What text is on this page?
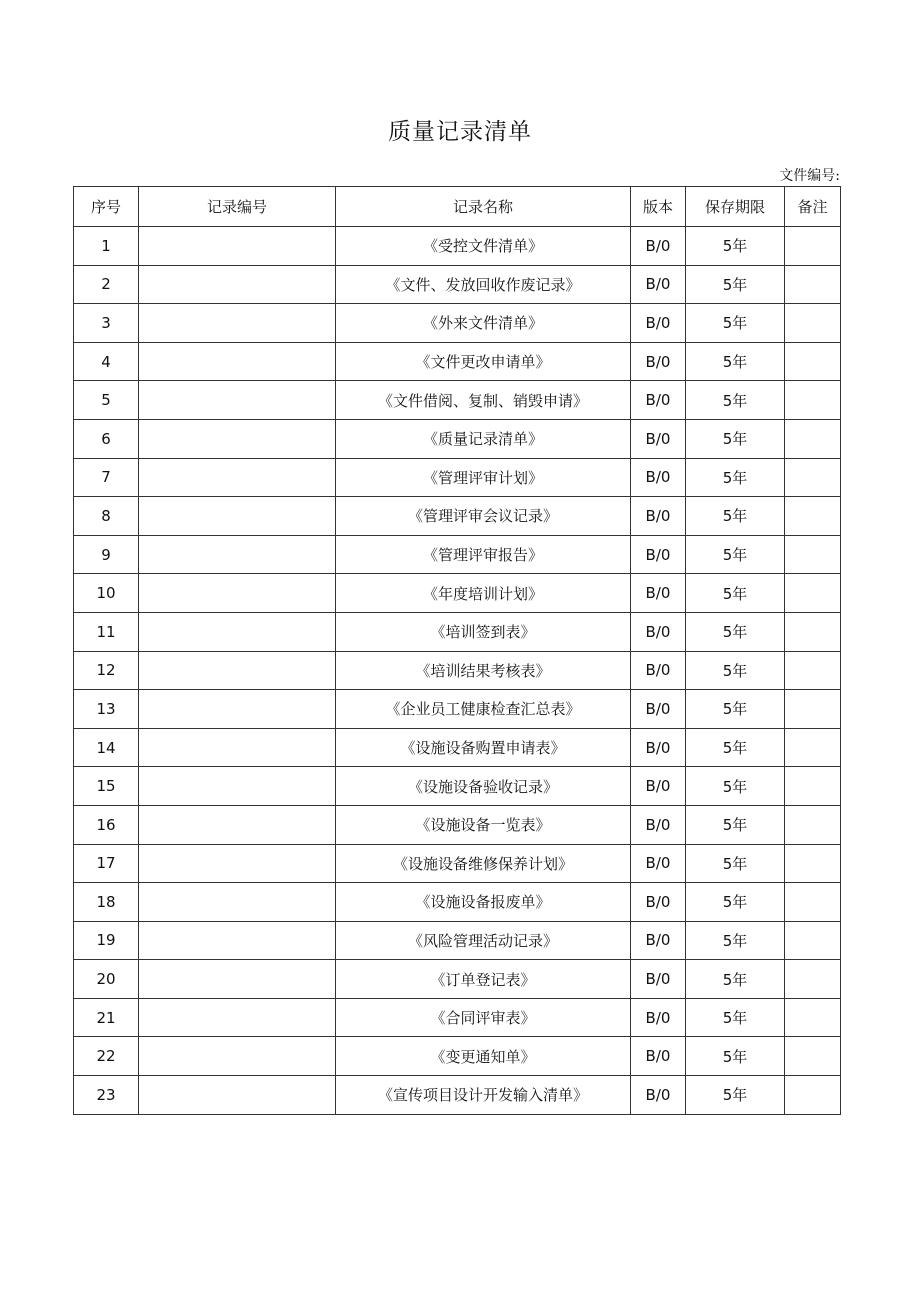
质量记录清单
文件编号:
序号	记录编号	记录名称	版本	保存期限	备注
1		《受控文件清单》	B/0	5年	
2		《文件、发放回收作废记录》	B/0	5年	
3		《外来文件清单》	B/0	5年	
4		《文件更改申请单》	B/0	5年	
5		《文件借阅、复制、销毁申请》	B/0	5年	
6		《质量记录清单》	B/0	5年	
7		《管理评审计划》	B/0	5年	
8		《管理评审会议记录》	B/0	5年	
9		《管理评审报告》	B/0	5年	
10		《年度培训计划》	B/0	5年	
11		《培训签到表》	B/0	5年	
12		《培训结果考核表》	B/0	5年	
13		《企业员工健康检查汇总表》	B/0	5年	
14		《设施设备购置申请表》	B/0	5年	
15		《设施设备验收记录》	B/0	5年	
16		《设施设备一览表》	B/0	5年	
17		《设施设备维修保养计划》	B/0	5年	
18		《设施设备报废单》	B/0	5年	
19		《风险管理活动记录》	B/0	5年	
20		《订单登记表》	B/0	5年	
21		《合同评审表》	B/0	5年	
22		《变更通知单》	B/0	5年	
23		《宣传项目设计开发输入清单》	B/0	5年	
